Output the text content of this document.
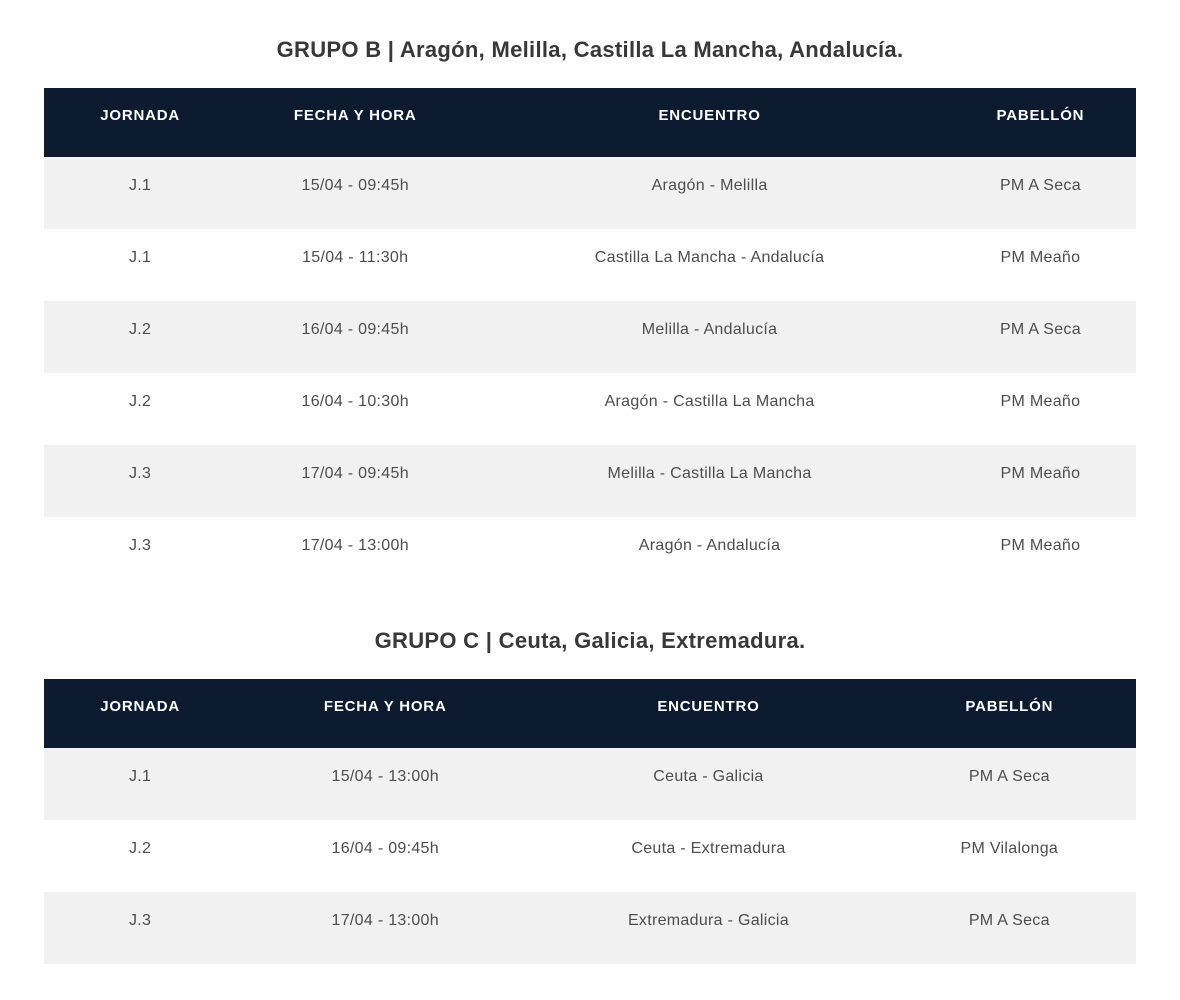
GRUPO B | Aragón, Melilla, Castilla La Mancha, Andalucía.
JORNADA	FECHA Y HORA	ENCUENTRO	PABELLÓN
J.1	15/04 - 09:45h	Aragón - Melilla	PM A Seca
J.1	15/04 - 11:30h	Castilla La Mancha - Andalucía	PM Meaño
J.2	16/04 - 09:45h	Melilla - Andalucía	PM A Seca
J.2	16/04 - 10:30h	Aragón - Castilla La Mancha	PM Meaño
J.3	17/04 - 09:45h	Melilla - Castilla La Mancha	PM Meaño
J.3	17/04 - 13:00h	Aragón - Andalucía	PM Meaño
GRUPO C | Ceuta, Galicia, Extremadura.
JORNADA	FECHA Y HORA	ENCUENTRO	PABELLÓN
J.1	15/04 - 13:00h	Ceuta - Galicia	PM A Seca
J.2	16/04 - 09:45h	Ceuta - Extremadura	PM Vilalonga
J.3	17/04 - 13:00h	Extremadura - Galicia	PM A Seca
